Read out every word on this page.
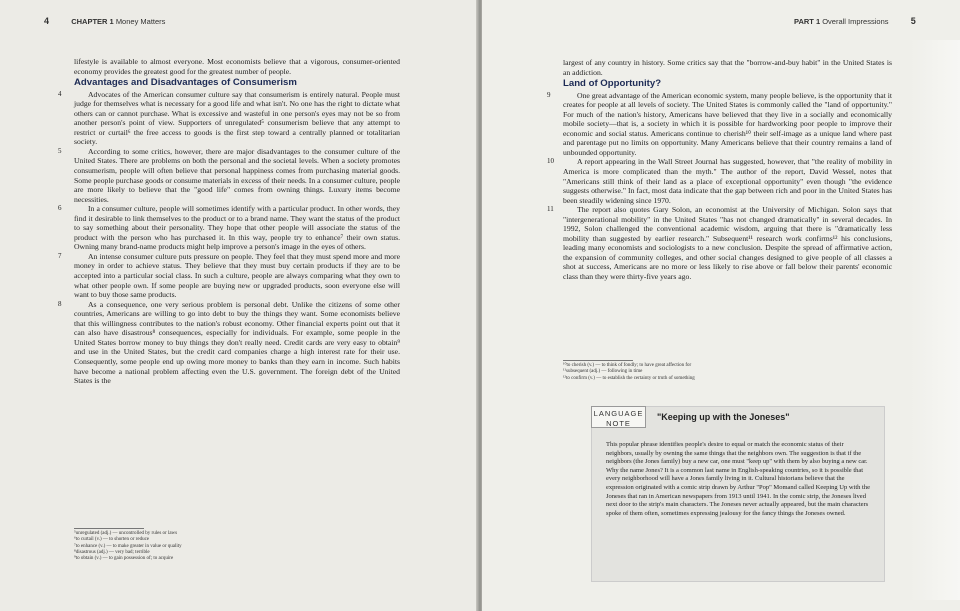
4	CHAPTER 1 Money Matters

lifestyle is available to almost everyone. Most economists believe that a vigorous, consumer-oriented economy provides the greatest good for the greatest number of people.

Advantages and Disadvantages of Consumerism

4	Advocates of the American consumer culture say that consumerism is entirely natural. People must judge for themselves what is necessary for a good life and what isn't. No one has the right to dictate what others can or cannot purchase. What is excessive and wasteful in one person's eyes may not be so from another person's point of view. Supporters of unregulated⁵ consumerism believe that any attempt to restrict or curtail⁶ the free access to goods is the first step toward a centrally planned or totalitarian society.

5	According to some critics, however, there are major disadvantages to the consumer culture of the United States. There are problems on both the personal and the societal levels. When a society promotes consumerism, people will often believe that personal happiness comes from purchasing material goods. Some people purchase goods or consume materials in excess of their needs. In a consumer culture, people are more likely to believe that the "good life" comes from owning things. Luxury items become necessities.

6	In a consumer culture, people will sometimes identify with a particular product. In other words, they find it desirable to link themselves to the product or to a brand name. They want the status of the product to say something about their personality. They hope that other people will associate the status of the product with the person who has purchased it. In this way, people try to enhance⁷ their own status. Owning many brand-name products might help improve a person's image in the eyes of others.

7	An intense consumer culture puts pressure on people. They feel that they must spend more and more money in order to achieve status. They believe that they must buy certain products if they are to be accepted into a particular social class. In such a culture, people are always comparing what they own to what other people own. If some people are buying new or upgraded products, soon everyone else will want to buy those same products.

8	As a consequence, one very serious problem is personal debt. Unlike the citizens of some other countries, Americans are willing to go into debt to buy the things they want. Some economists believe that this willingness contributes to the nation's robust economy. Other financial experts point out that it can also have disastrous⁸ consequences, especially for individuals. For example, some people in the United States borrow money to buy things they don't really need. Credit cards are very easy to obtain⁹ and use in the United States, but the credit card companies charge a high interest rate for their use. Consequently, some people end up owing more money to banks than they earn in income. Such habits have become a national problem affecting even the U.S. government. The foreign debt of the United States is the

⁵unregulated (adj.) — uncontrolled by rules or laws
⁶to curtail (v.) — to shorten or reduce
⁷to enhance (v.) — to make greater in value or quality
⁸disastrous (adj.) — very bad; terrible
⁹to obtain (v.) — to gain possession of; to acquire
PART 1 Overall Impressions 5

largest of any country in history. Some critics say that the "borrow-and-buy habit" in the United States is an addiction.

Land of Opportunity?

9	One great advantage of the American economic system, many people believe, is the opportunity that it creates for people at all levels of society. The United States is commonly called the "land of opportunity." For much of the nation's history, Americans have believed that they live in a socially and economically mobile society—that is, a society in which it is possible for hardworking poor people to improve their economic and social status. Americans continue to cherish¹⁰ their self-image as a unique land where past and parentage put no limits on opportunity. Many Americans believe that their country remains a land of unbounded opportunity.

10	A report appearing in the Wall Street Journal has suggested, however, that "the reality of mobility in America is more complicated than the myth." The author of the report, David Wessel, notes that "Americans still think of their land as a place of exceptional opportunity" even though "the evidence suggests otherwise." In fact, most data indicate that the gap between rich and poor in the United States has been steadily widening since 1970.

11	The report also quotes Gary Solon, an economist at the University of Michigan. Solon says that "intergenerational mobility" in the United States "has not changed dramatically" in several decades. In 1992, Solon challenged the conventional academic wisdom, arguing that there is "dramatically less mobility than suggested by earlier research." Subsequent¹¹ research work confirms¹² his conclusions, leading many economists and sociologists to a new conclusion. Despite the spread of affirmative action, the expansion of community colleges, and other social changes designed to give people of all classes a shot at success, Americans are no more or less likely to rise above or fall below their parents' economic class than they were thirty-five years ago.

¹⁰to cherish (v.) — to think of fondly; to have great affection for
¹¹subsequent (adj.) — following in time
¹²to confirm (v.) — to establish the certainty or truth of something
LANGUAGE
NOTE
"Keeping up with the Joneses"
This popular phrase identifies people's desire to equal or match the economic status of their neighbors, usually by owning the same things that the neighbors own. The suggestion is that if the neighbors (the Jones family) buy a new car, one must "keep up" with them by also buying a new car. Why the name Jones? It is a common last name in English-speaking countries, so it is possible that every neighborhood will have a Jones family living in it. Cultural historians believe that the expression originated with a comic strip drawn by Arthur "Pop" Momand called Keeping Up with the Joneses that ran in American newspapers from 1913 until 1941. In the comic strip, the Joneses lived next door to the strip's main characters. The Joneses never actually appeared, but the main characters spoke of them often, sometimes expressing jealousy for the fancy things the Joneses owned.
